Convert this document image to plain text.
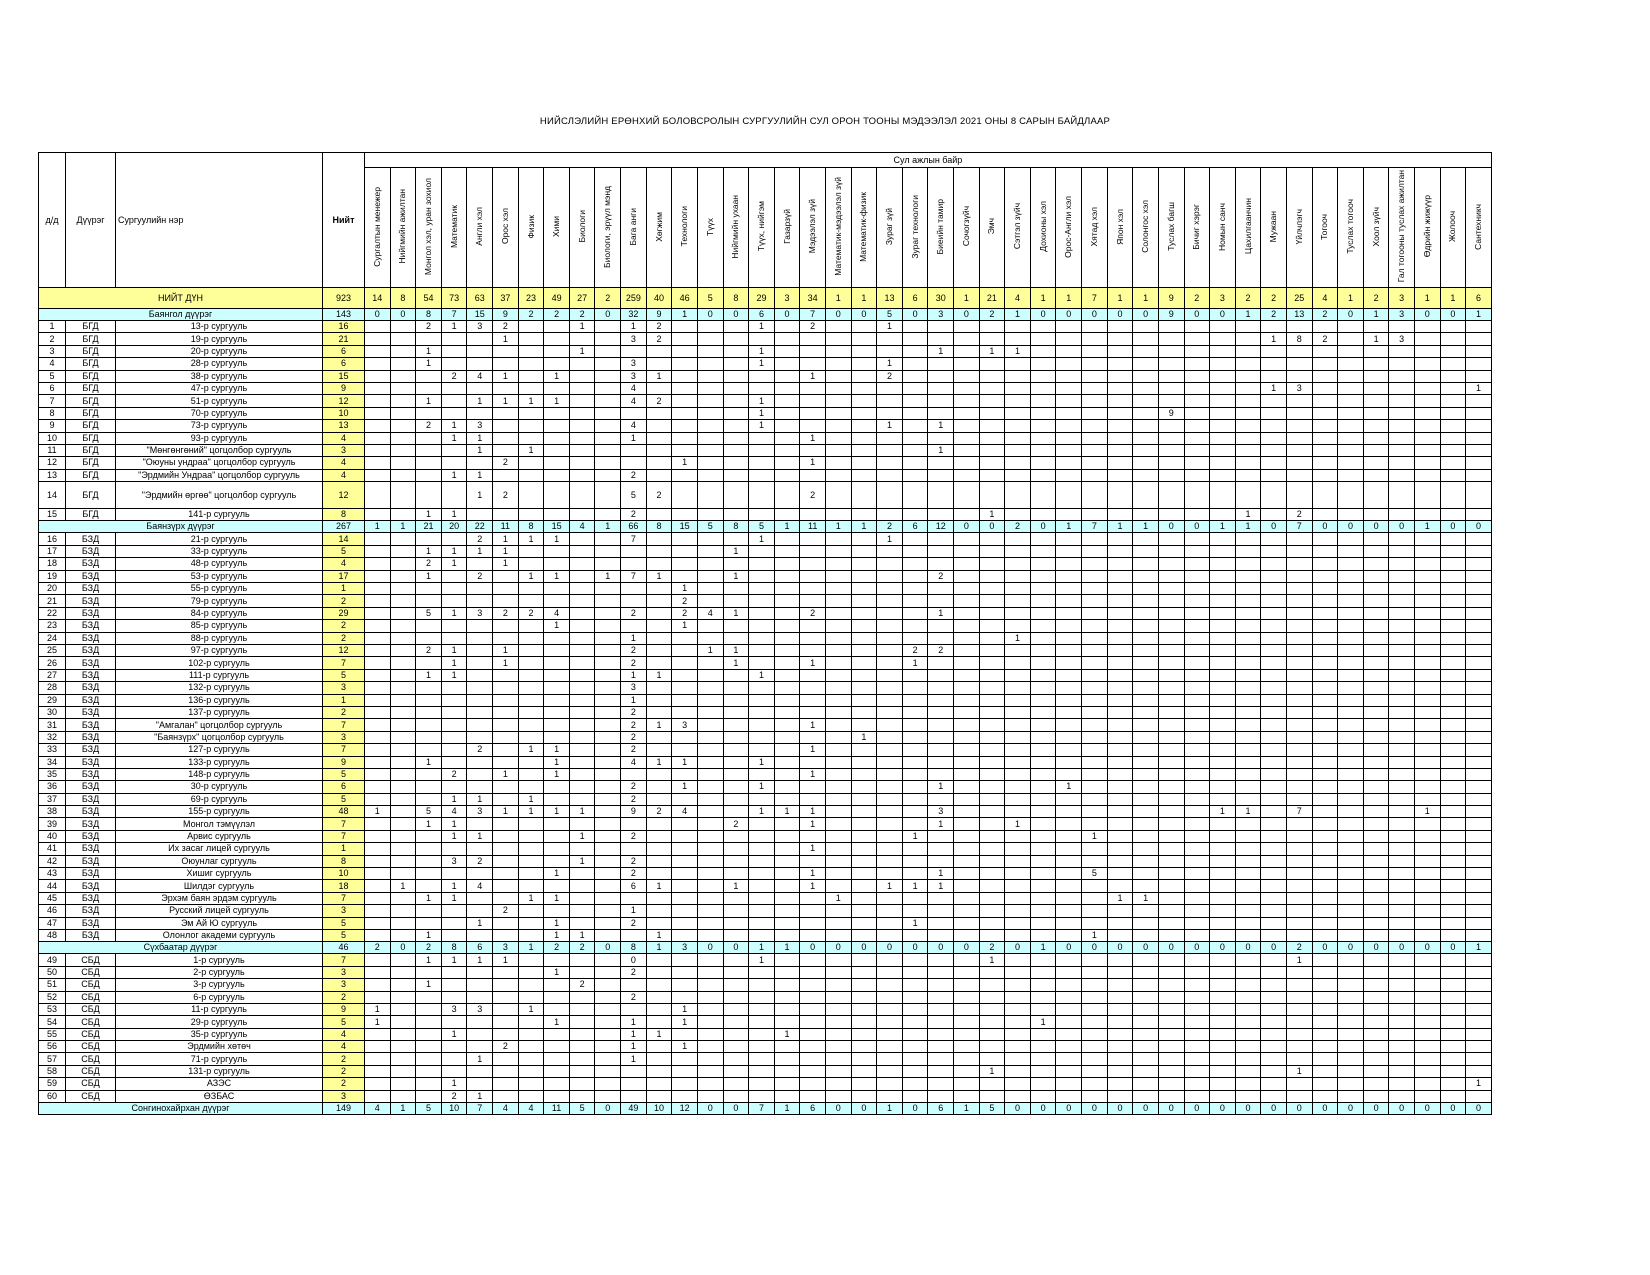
НИЙСЛЭЛИЙН ЕРӨНХИЙ БОЛОВСРОЛЫН СУРГУУЛИЙН СУЛ ОРОН ТООНЫ МЭДЭЭЛЭЛ 2021 ОНЫ 8 САРЫН БАЙДЛААР
д/д	Дүүрэг	Сургуулийн нэр	Нийт	Сул ажлын байр																																											
				Сургалтын менежер	Нийгмийн ажилтан	Монгол хэл, уран зохиол	Математик	Англи хэл	Орос хэл	Физик	Хими	Биологи	Биологи, эрүүл мэнд	Бага анги	Хөгжим	Технологи	Түүх	Нийгмийн ухаан	Түүх, нийгэм	Газарзүй	Мэдээлэл зүй	Математик-мэдээлэл зүй	Математик-физик	Зураг зүй	Зураг технологи	Биеийн тамир	Сочогзүйч	Эмч	Сэтгэл зүйч	Дохионы хэл	Орос-Англи хэл	Хятад хэл	Япон хэл	Солонгос хэл	Туслах багш	Бичиг хэрэг	Номын санч	Цахилгаанчин	Мужаан	Үйлчлэгч	Тогооч	Туслах тогооч	Хоол зүйч	Гал тогооны туслах ажилтан	Өдрийн жижүүр	Жолооч	Сантехникч
НИЙТ ДҮН			923	14	8	54	73	63	37	23	49	27	2	259	40	46	5	8	29	3	34	1	1	13	6	30	1	21	4	1	1	7	1	1	9	2	3	2	2	25	4	1	2	3	1	1	6
Баянгол дүүрэг			143	0	0	8	7	15	9	2	2	2	0	32	9	1	0	0	6	0	7	0	0	5	0	3	0	2	1	0	0	0	0	0	9	0	0	1	2	13	2	0	1	3	0	0	1
1	БГД	13-р сургууль	16			2	1	3	2			1		1	2				1		2			1																							
2	БГД	19-р сургууль	21						1					3	2																								1	8	2		1	3			
3	БГД	20-р сургууль	6			1						1							1							1		1	1																		
4	БГД	28-р сургууль	6			1								3					1					1																							
5	БГД	38-р сургууль	15				2	4	1		1			3	1						1			2																							
6	БГД	47-р сургууль	9											4																									1	3							1
7	БГД	51-р сургууль	12			1		1	1	1	1			4	2				1																												
8	БГД	70-р сургууль	10																1																9												
9	БГД	73-р сургууль	13			2	1	3						4					1					1		1																					
10	БГД	93-р сургууль	4				1	1						1							1																										
11	БГД	"Мөнгөнгөний" цогцолбор сургууль	3					1		1																1																					
12	БГД	"Оюуны ундраа" цогцолбор сургууль	4						2							1					1																										
13	БГД	"Эрдмийн Ундраа" цогцолбор сургууль	4				1	1						2																																	
14	БГД	"Эрдмийн өргөө" цогцолбор сургууль	12					1	2					5	2						2																										
15	БГД	141-р сургууль	8			1	1							2														1										1		2							
Баянзүрх дүүрэг			267	1	1	21	20	22	11	8	15	4	1	66	8	15	5	8	5	1	11	1	1	2	6	12	0	0	2	0	1	7	1	1	0	0	1	1	0	7	0	0	0	0	1	0	0
16	БЗД	21-р сургууль	14					2	1	1	1			7					1					1																							
17	БЗД	33-р сургууль	5			1	1	1	1									1																													
18	БЗД	48-р сургууль	4			2	1		1																																						
19	БЗД	53-р сургууль	17			1		2		1	1		1	7	1			1								2																					
20	БЗД	55-р сургууль	1													1																															
21	БЗД	79-р сургууль	2													2																															
22	БЗД	84-р сургууль	29			5	1	3	2	2	4			2		2	4	1			2					1																					
23	БЗД	85-р сургууль	2								1					1																															
24	БЗД	88-р сургууль	2											1															1																		
25	БЗД	97-р сургууль	12			2	1		1					2			1	1							2	2																					
26	БЗД	102-р сургууль	7				1		1					2				1			1				1																						
27	БЗД	111-р сургууль	5			1	1							1	1				1																												
28	БЗД	132-р сургууль	3											3																																	
29	БЗД	136-р сургууль	1											1																																	
30	БЗД	137-р сургууль	2											2																																	
31	БЗД	"Амгалан" цогцолбор сургууль	7											2	1	3					1																										
32	БЗД	"Баянзүрх" цогцолбор сургууль	3											2									1																								
33	БЗД	127-р сургууль	7					2		1	1			2							1																										
34	БЗД	133-р сургууль	9			1					1			4	1	1			1																												
35	БЗД	148-р сургууль	5				2		1		1										1																										
36	БЗД	30-р сургууль	6											2		1			1							1					1																
37	БЗД	69-р сургууль	5				1	1		1				2																																	
38	БЗД	155-р сургууль	48	1		5	4	3	1	1	1	1		9	2	4			1	1	1					3											1	1		7					1		
39	БЗД	Монгол тэмүүлэл	7			1	1											2			1					1			1																		
40	БЗД	Арвис сургууль	7				1	1				1		2											1							1															
41	БЗД	Их засаг лицей сургууль	1																		1																										
42	БЗД	Оюунлаг сургууль	8				3	2				1		2																																	
43	БЗД	Хишиг сургууль	10								1			2							1					1						5															
44	БЗД	Шилдэг сургууль	18		1		1	4						6	1			1			1			1	1	1																					
45	БЗД	Эрхэм баян эрдэм сургууль	7			1	1			1	1											1											1	1													
46	БЗД	Русский лицей сургууль	3						2					1																																	
47	БЗД	Эм Ай Ю сургууль	5					1			1			2											1																						
48	БЗД	Олонлог академи сургууль	5			1					1	1			1																	1															
Сүхбаатар дүүрэг			46	2	0	2	8	6	3	1	2	2	0	8	1	3	0	0	1	1	0	0	0	0	0	0	0	2	0	1	0	0	0	0	0	0	0	0	0	2	0	0	0	0	0	0	1
49	СБД	1-р сургууль	7			1	1	1	1					0					1									1												1							
50	СБД	2-р сургууль	3								1			2																																	
51	СБД	3-р сургууль	3			1						2																																			
52	СБД	6-р сургууль	2											2																																	
53	СБД	11-р сургууль	9	1			3	3		1						1																															
54	СБД	29-р сургууль	5	1							1			1		1														1																	
55	СБД	35-р сургууль	4				1							1	1					1																											
56	СБД	Эрдмийн хөтөч	4						2					1		1																															
57	СБД	71-р сургууль	2					1						1																																	
58	СБД	131-р сургууль	2																									1												1							
59	СБД	АЗЭС	2				1																																								1
60	СБД	ӨЗБАС	3				2	1																																							
Сонгинохайрхан дүүрэг			149	4	1	5	10	7	4	4	11	5	0	49	10	12	0	0	7	1	6	0	0	1	0	6	1	5	0	0	0	0	0	0	0	0	0	0	0	0	0	0	0	0	0	0	0
